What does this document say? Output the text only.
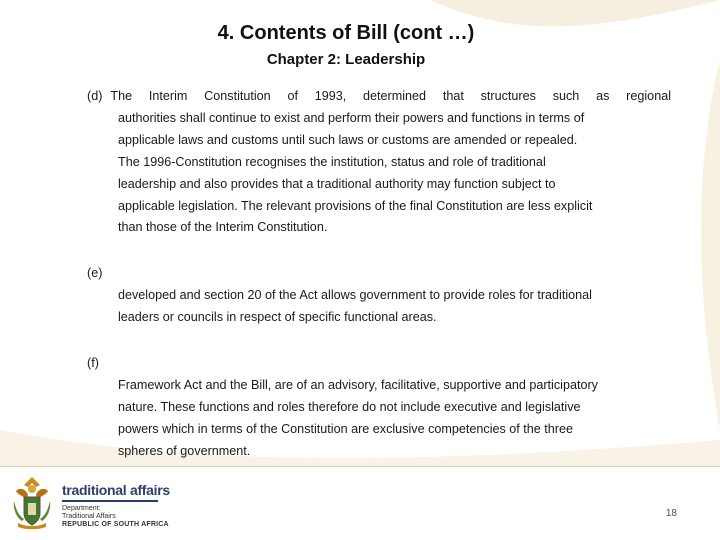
4. Contents of Bill (cont …)
Chapter 2: Leadership
(d) The Interim Constitution of 1993, determined that structures such as regional
authorities shall continue to exist and perform their powers and functions in terms of
applicable laws and customs until such laws or customs are amended or repealed.
The 1996-Constitution recognises the institution, status and role of traditional
leadership and also provides that a traditional authority may function subject to
applicable legislation. The relevant provisions of the final Constitution are less explicit
than those of the Interim Constitution.
(e)
developed and section 20 of the Act allows government to provide roles for traditional
leaders or councils in respect of specific functional areas.
(f)
Framework Act and the Bill, are of an advisory, facilitative, supportive and participatory
nature. These functions and roles therefore do not include executive and legislative
powers which in terms of the Constitution are exclusive competencies of the three
spheres of government.
traditional affairs
Department:
Traditional Affairs
REPUBLIC OF SOUTH AFRICA
18
